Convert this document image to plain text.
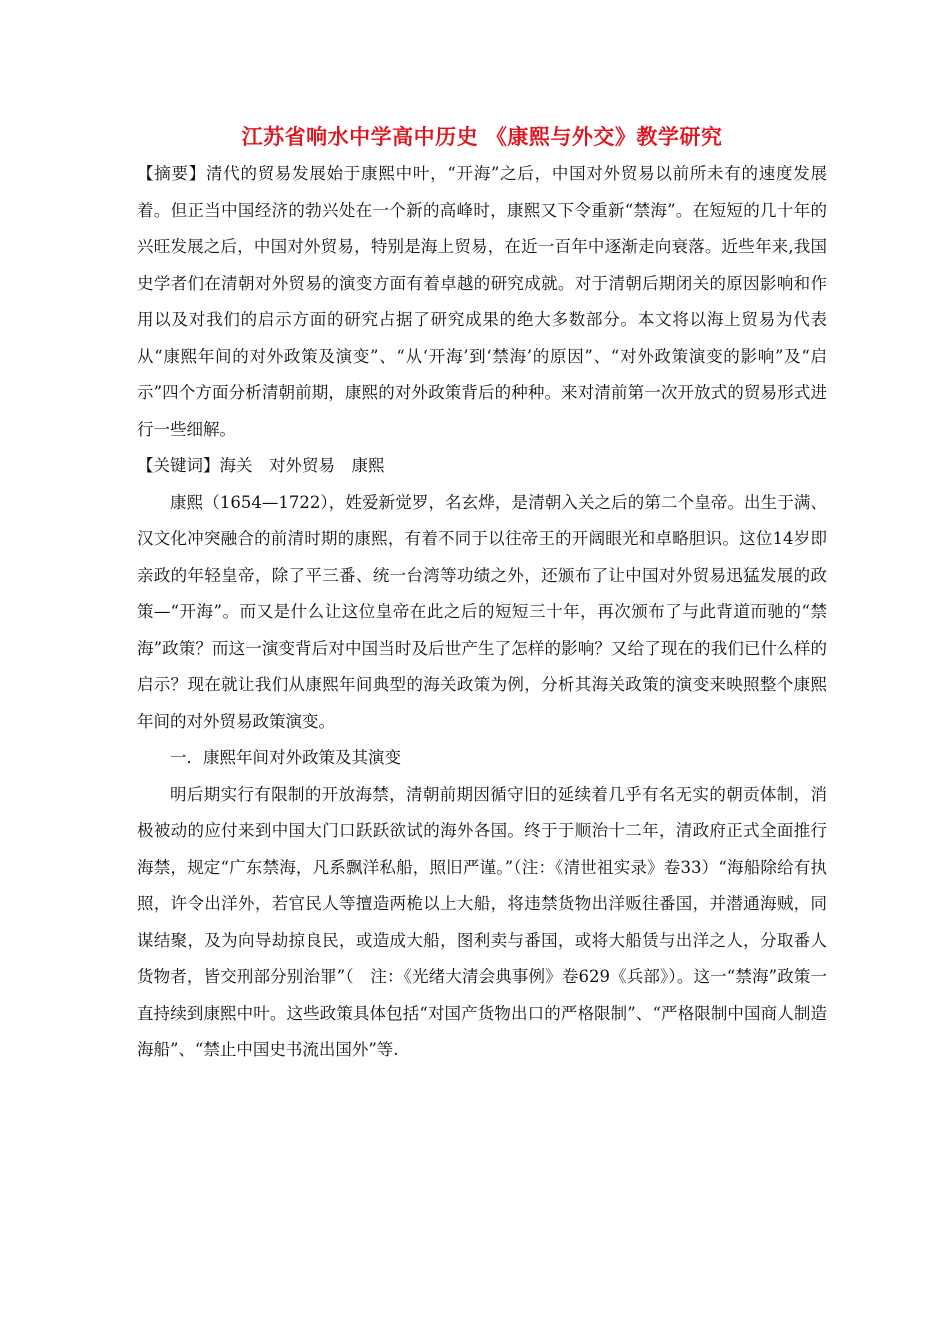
江苏省响水中学高中历史 《康熙与外交》教学研究

【摘要】清代的贸易发展始于康熙中叶，“开海”之后，中国对外贸易以前所未有的速度发展着。但正当中国经济的勃兴处在一个新的高峰时，康熙又下令重新“禁海”。在短短的几十年的兴旺发展之后，中国对外贸易，特别是海上贸易，在近一百年中逐渐走向衰落。近些年来,我国史学者们在清朝对外贸易的演变方面有着卓越的研究成就。对于清朝后期闭关的原因影响和作用以及对我们的启示方面的研究占据了研究成果的绝大多数部分。本文将以海上贸易为代表从“康熙年间的对外政策及演变”、“从‘开海’到‘禁海’的原因”、“对外政策演变的影响”及“启示”四个方面分析清朝前期，康熙的对外政策背后的种种。来对清前第一次开放式的贸易形式进行一些细解。

【关键词】海关　对外贸易　康熙

康熙（1654—1722），姓爱新觉罗，名玄烨，是清朝入关之后的第二个皇帝。出生于满、汉文化冲突融合的前清时期的康熙，有着不同于以往帝王的开阔眼光和卓略胆识。这位14岁即亲政的年轻皇帝，除了平三番、统一台湾等功绩之外，还颁布了让中国对外贸易迅猛发展的政策—“开海”。而又是什么让这位皇帝在此之后的短短三十年，再次颁布了与此背道而驰的“禁海”政策？而这一演变背后对中国当时及后世产生了怎样的影响？又给了现在的我们已什么样的启示？现在就让我们从康熙年间典型的海关政策为例，分析其海关政策的演变来映照整个康熙年间的对外贸易政策演变。

一．康熙年间对外政策及其演变

明后期实行有限制的开放海禁，清朝前期因循守旧的延续着几乎有名无实的朝贡体制，消极被动的应付来到中国大门口跃跃欲试的海外各国。终于于顺治十二年，清政府正式全面推行海禁，规定“广东禁海，凡系飘洋私船，照旧严谨。”（注：《清世祖实录》卷33）“海船除给有执照，许令出洋外，若官民人等擅造两桅以上大船，将违禁货物出洋贩往番国，并潜通海贼，同谋结聚，及为向导劫掠良民，或造成大船，图利卖与番国，或将大船赁与出洋之人，分取番人货物者，皆交刑部分别治罪”（　注：《光绪大清会典事例》卷629《兵部》）。这一“禁海”政策一直持续到康熙中叶。这些政策具体包括“对国产货物出口的严格限制”、“严格限制中国商人制造海船”、“禁止中国史书流出国外”等.
